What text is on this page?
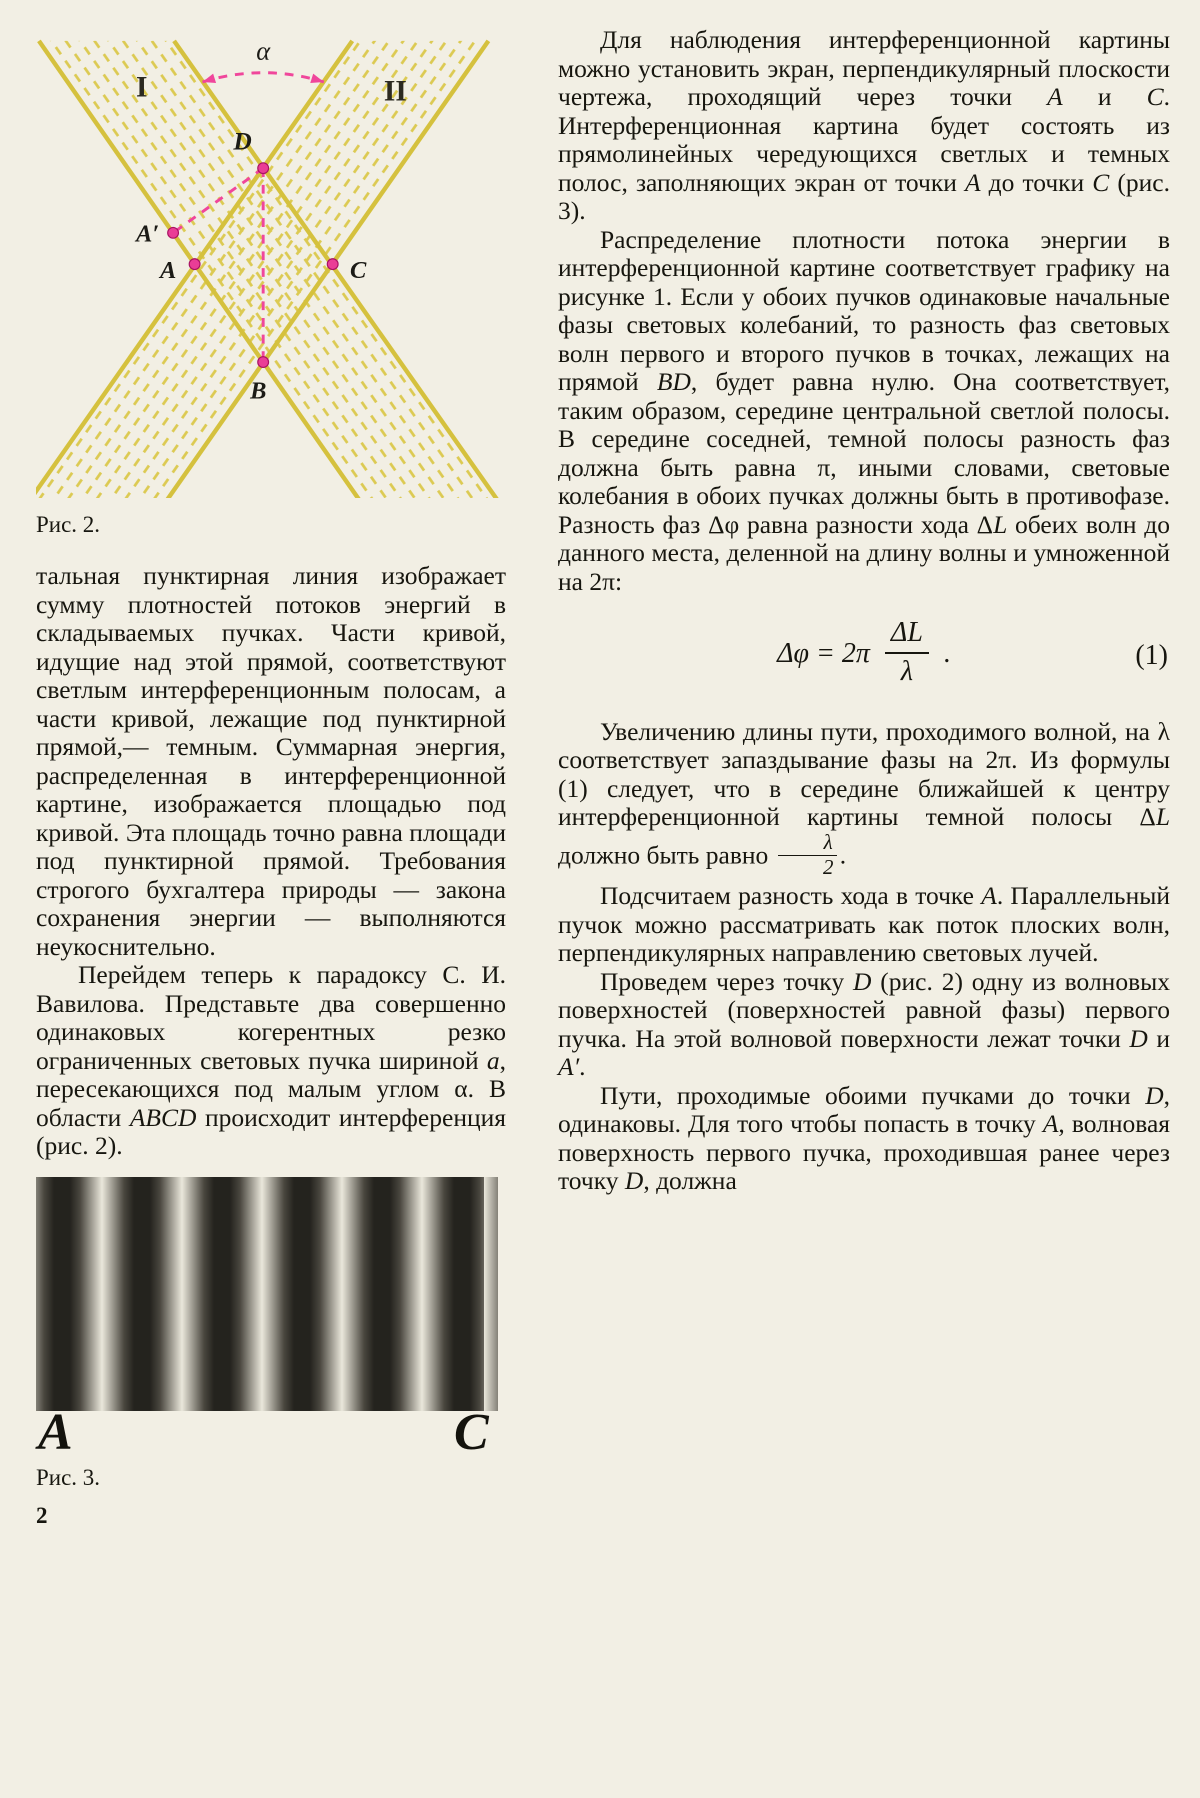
I	II
α
D
A′
A	C
B
Рис. 2.

тальная пунктирная линия изображает сумму плотностей потоков энергий в складываемых пучках. Части кривой, идущие над этой прямой, соответствуют светлым интерференционным полосам, а части кривой, лежащие под пунктирной прямой,— темным. Суммарная энергия, распределенная в интерференционной картине, изображается площадью под кривой. Эта площадь точно равна площади под пунктирной прямой. Требования строгого бухгалтера природы — закона сохранения энергии — выполняются неукоснительно.

Перейдем теперь к парадоксу С. И. Вавилова. Представьте два совершенно одинаковых когерентных резко ограниченных световых пучка шириной a, пересекающихся под малым углом α. В области ABCD происходит интерференция (рис. 2).

A	C
Рис. 3.
2

Для наблюдения интерференционной картины можно установить экран, перпендикулярный плоскости чертежа, проходящий через точки A и C. Интерференционная картина будет состоять из прямолинейных чередующихся светлых и темных полос, заполняющих экран от точки A до точки C (рис. 3).

Распределение плотности потока энергии в интерференционной картине соответствует графику на рисунке 1. Если у обоих пучков одинаковые начальные фазы световых колебаний, то разность фаз световых волн первого и второго пучков в точках, лежащих на прямой BD, будет равна нулю. Она соответствует, таким образом, середине центральной светлой полосы. В середине соседней, темной полосы разность фаз должна быть равна π, иными словами, световые колебания в обоих пучках должны быть в противофазе. Разность фаз Δφ равна разности хода ΔL обеих волн до данного места, деленной на длину волны и умноженной на 2π:

$\Delta\varphi = 2\pi \frac{\Delta L}{\lambda}$ .	(1)

Увеличению длины пути, проходимого волной, на λ соответствует запаздывание фазы на 2π. Из формулы (1) следует, что в середине ближайшей к центру интерференционной картины темной полосы ΔL должно быть равно $\frac{\lambda}{2}$ .

Подсчитаем разность хода в точке A. Параллельный пучок можно рассматривать как поток плоских волн, перпендикулярных направлению световых лучей.

Проведем через точку D (рис. 2) одну из волновых поверхностей (поверхностей равной фазы) первого пучка. На этой волновой поверхности лежат точки D и A′.

Пути, проходимые обоими пучками до точки D, одинаковы. Для того чтобы попасть в точку A, волновая поверхность первого пучка, проходившая ранее через точку D, должна
